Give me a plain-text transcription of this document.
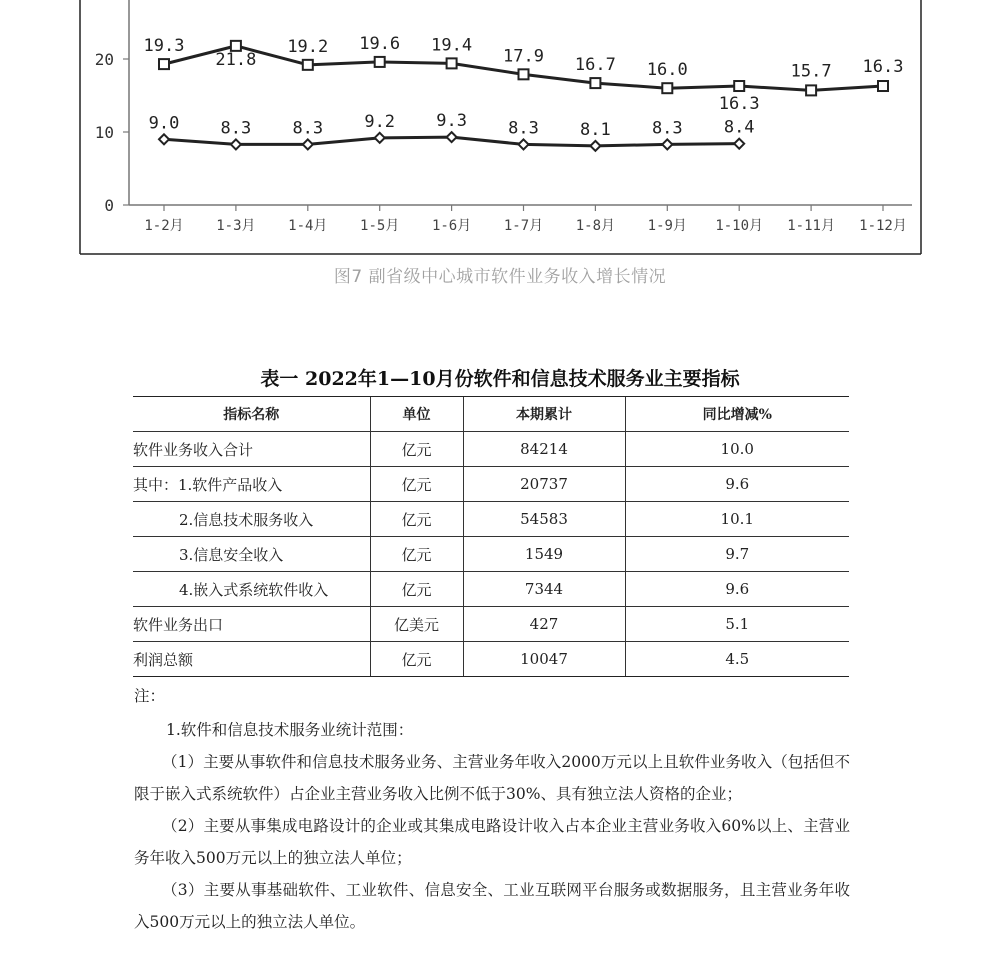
0
10
20
1-2月 1-3月 1-4月 1-5月 1-6月 1-7月 1-8月 1-9月 1-10月 1-11月 1-12月
19.3
21.8
19.2 19.6 19.4
17.9 16.7 16.0
16.3
15.7 16.3
9.0 8.3 8.3 9.2 9.3 8.3 8.1 8.3 8.4
图7 副省级中心城市软件业务收入增长情况
表一 2022年1—10月份软件和信息技术服务业主要指标
指标名称	单位	本期累计	同比增减%
软件业务收入合计	亿元	84214	10.0
其中：1.软件产品收入	亿元	20737	9.6
2.信息技术服务收入	亿元	54583	10.1
3.信息安全收入	亿元	1549	9.7
4.嵌入式系统软件收入	亿元	7344	9.6
软件业务出口	亿美元	427	5.1
利润总额	亿元	10047	4.5

注：

1.软件和信息技术服务业统计范围：

（1）主要从事软件和信息技术服务业务、主营业务年收入2000万元以上且软件业务收入（包括但不限于嵌入式系统软件）占企业主营业务收入比例不低于30%、具有独立法人资格的企业；

（2）主要从事集成电路设计的企业或其集成电路设计收入占本企业主营业务收入60%以上、主营业务年收入500万元以上的独立法人单位；

（3）主要从事基础软件、工业软件、信息安全、工业互联网平台服务或数据服务，且主营业务年收入500万元以上的独立法人单位。
